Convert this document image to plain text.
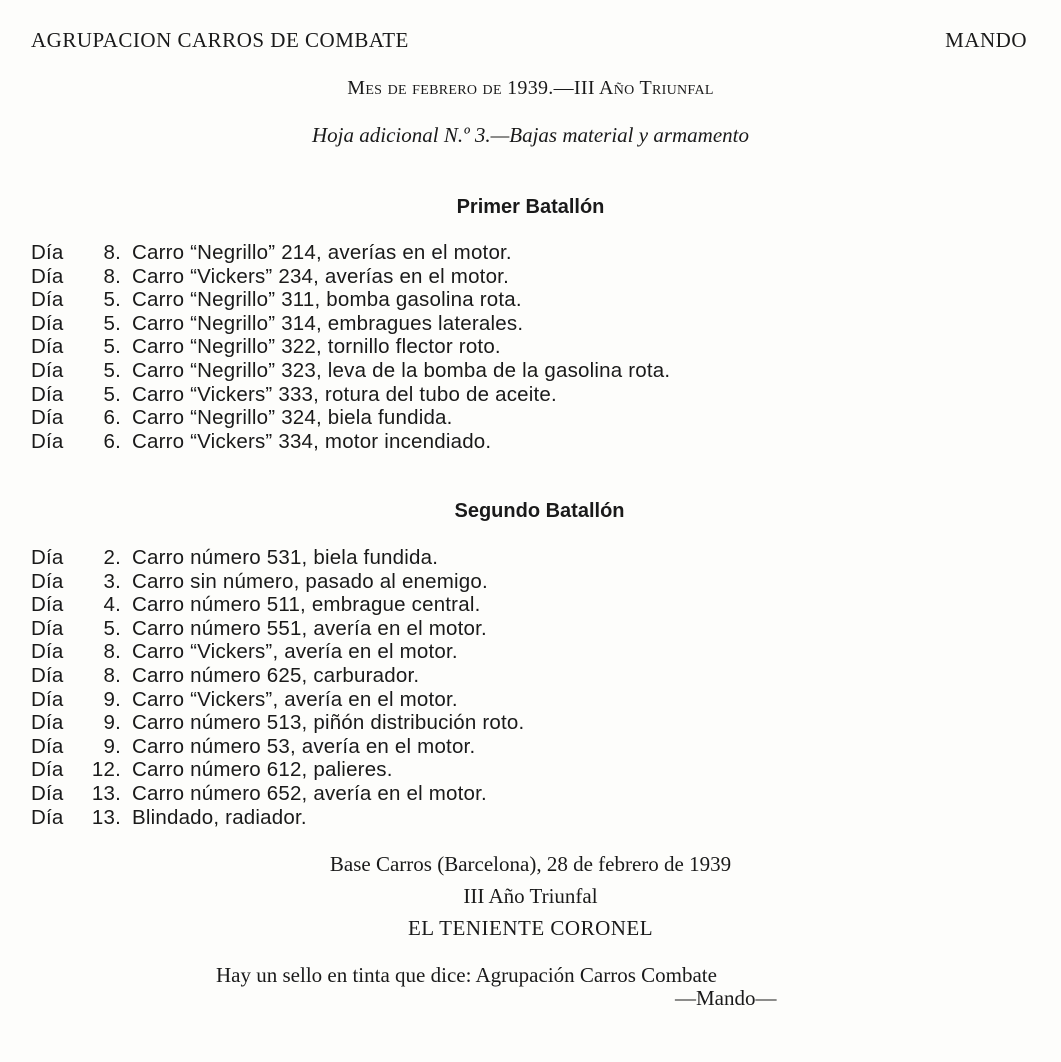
AGRUPACION CARROS DE COMBATE	MANDO
Mes de febrero de 1939.—III Año Triunfal
Hoja adicional N.º 3.—Bajas material y armamento
Primer Batallón
Día	8. Carro “Negrillo” 214, averías en el motor.
Día	8. Carro “Vickers” 234, averías en el motor.
Día	5. Carro “Negrillo” 311, bomba gasolina rota.
Día	5. Carro “Negrillo” 314, embragues laterales.
Día	5. Carro “Negrillo” 322, tornillo flector roto.
Día	5. Carro “Negrillo” 323, leva de la bomba de la gasolina rota.
Día	5. Carro “Vickers” 333, rotura del tubo de aceite.
Día	6. Carro “Negrillo” 324, biela fundida.
Día	6. Carro “Vickers” 334, motor incendiado.
Segundo Batallón
Día	2. Carro número 531, biela fundida.
Día	3. Carro sin número, pasado al enemigo.
Día	4. Carro número 511, embrague central.
Día	5. Carro número 551, avería en el motor.
Día	8. Carro “Vickers”, avería en el motor.
Día	8. Carro número 625, carburador.
Día	9. Carro “Vickers”, avería en el motor.
Día	9. Carro número 513, piñón distribución roto.
Día	9. Carro número 53, avería en el motor.
Día	12. Carro número 612, palieres.
Día	13. Carro número 652, avería en el motor.
Día	13. Blindado, radiador.
Base Carros (Barcelona), 28 de febrero de 1939
III Año Triunfal
EL TENIENTE CORONEL
Hay un sello en tinta que dice: Agrupación Carros Combate
—Mando—
